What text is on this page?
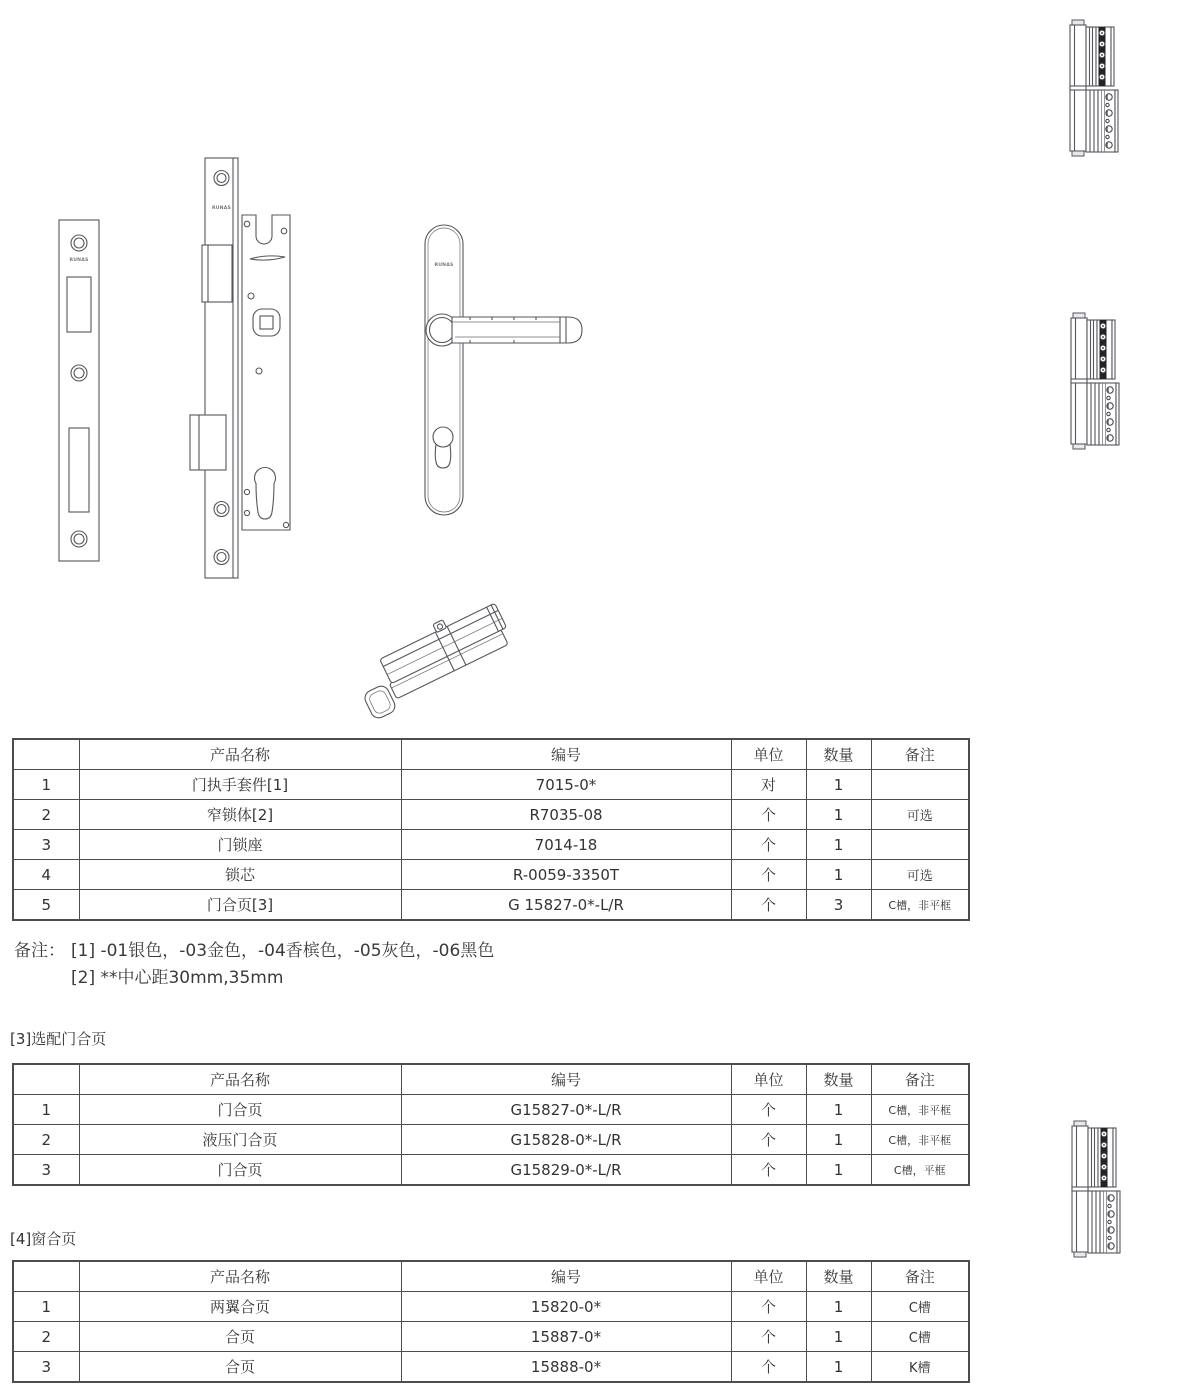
RUNAS
RUNAS
RUNAS
	产品名称	编号	单位	数量	备注
1	门执手套件[1]	7015-0*	对	1	
2	窄锁体[2]	R7035-08	个	1	可选
3	门锁座	7014-18	个	1	
4	锁芯	R-0059-3350T	个	1	可选
5	门合页[3]	G 15827-0*-L/R	个	3	C槽，非平框
备注： [1] -01银色，-03金色，-04香槟色，-05灰色，-06黑色
[2] **中心距30mm,35mm
[3]选配门合页
	产品名称	编号	单位	数量	备注
1	门合页	G15827-0*-L/R	个	1	C槽，非平框
2	液压门合页	G15828-0*-L/R	个	1	C槽，非平框
3	门合页	G15829-0*-L/R	个	1	C槽，平框
[4]窗合页
	产品名称	编号	单位	数量	备注
1	两翼合页	15820-0*	个	1	C槽
2	合页	15887-0*	个	1	C槽
3	合页	15888-0*	个	1	K槽
